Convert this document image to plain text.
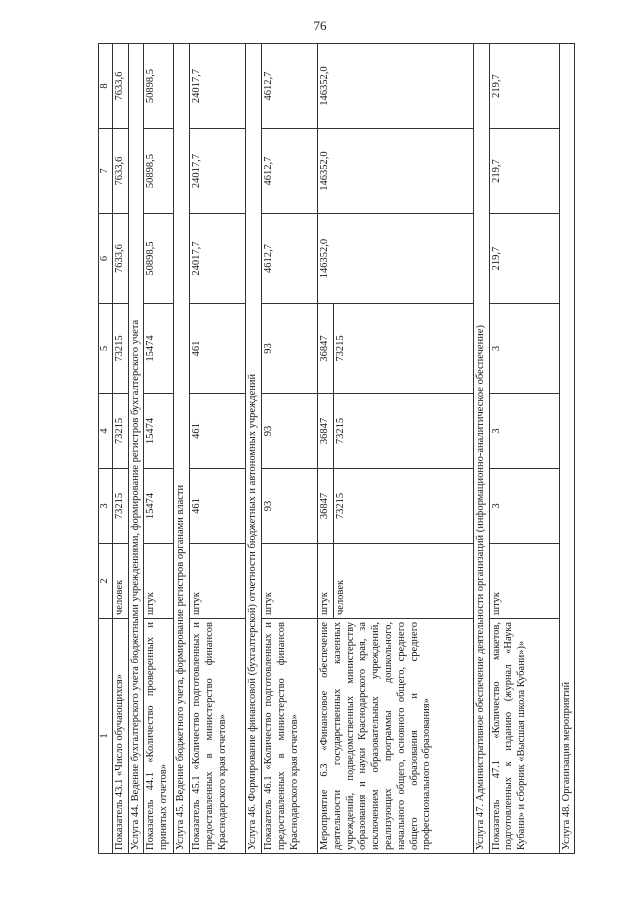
76
1	2	3	4	5	6	7	8
Показатель 43.1 «Число обучающихся»	человек	73215	73215	73215	7633,6	7633,6	7633,6
Услуга 44. Ведение бухгалтерского учета бюджетными учреждениями, формирование регистров бухгалтерского учета							
Показатель 44.1 «Количество проверенных и принятых отчетов»	штук	15474	15474	15474	50898,5	50898,5	50898,5
Услуга 45. Ведение бюджетного учета, формирование регистров органами власти							
Показатель 45.1 «Количество подготовленных и предоставленных в министерство финансов Краснодарского края отчетов»	штук	461	461	461	24017,7	24017,7	24017,7
Услуга 46. Формирование финансовой (бухгалтерской) отчетности бюджетных и автономных учреждений							
Показатель 46.1 «Количество подготовленных и предоставленных в министерство финансов Краснодарского края отчетов»	штук	93	93	93	4612,7	4612,7	4612,7
Мероприятие 6.3 «Финансовое обеспечение деятельности государственных казенных учреждений, подведомственных министерству образования и науки Краснодарского края, за исключением образовательных учреждений, реализующих программы дошкольного, начального общего, основного общего, среднего общего образования и среднего профессионального образования»	штук	36847	36847	36847	146352,0	146352,0	146352,0
	человек	73215	73215	73215			
Услуга 47. Административное обеспечение деятельности организаций (информационно-аналитическое обеспечение)							
Показатель 47.1 «Количество макетов, подготовленных к изданию (журнал «Наука Кубани» и сборник «Высшая школа Кубани»)»	штук	3	3	3	219,7	219,7	219,7
Услуга 48. Организация мероприятий							
